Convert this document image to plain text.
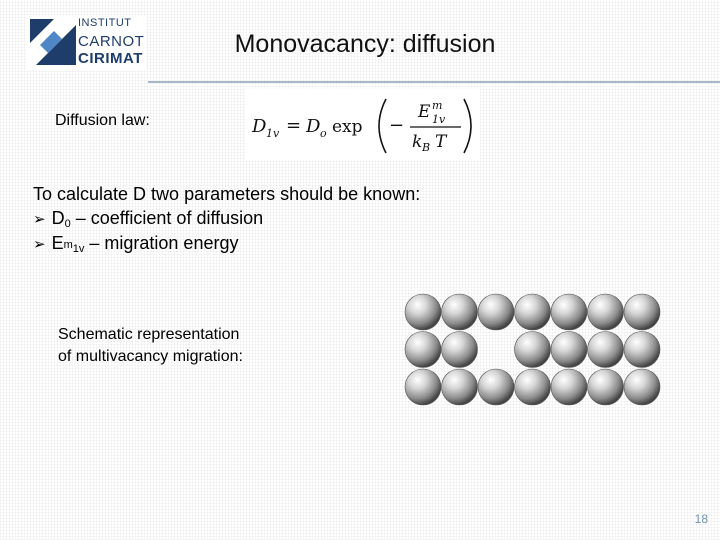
INSTITUT
CARNOT
CIRIMAT
Monovacancy: diffusion
Diffusion law:	D 1v = D o exp −
E m
1v
k B T
To calculate D two parameters should be known:
➢ $D_0$ – coefficient of diffusion
➢ $E^m_{1v}$ – migration energy
Schematic representation
of multivacancy migration:
18
